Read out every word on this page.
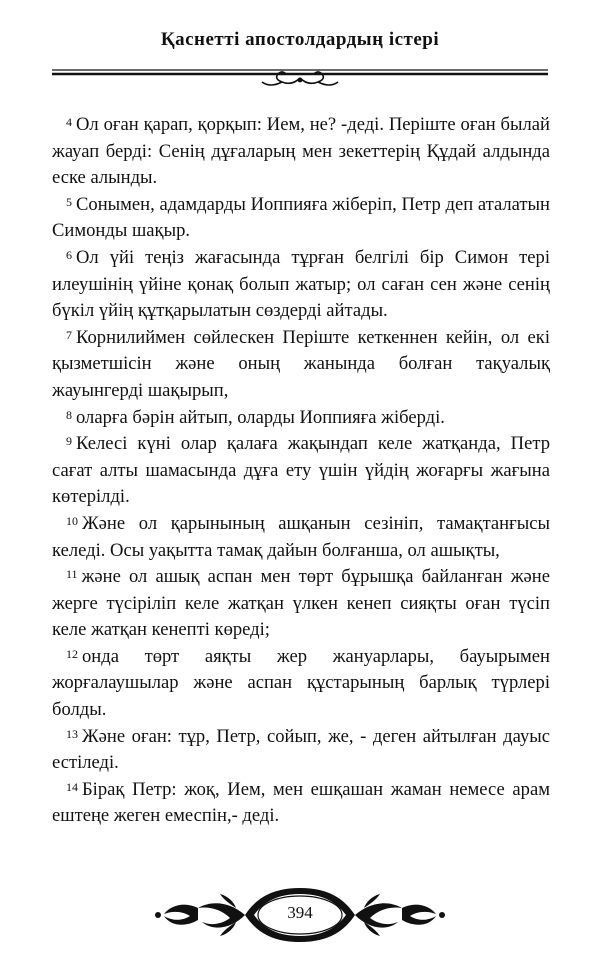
Қаснетті апостолдардың істері

$^4$ Ол оған қарап, қорқып: Ием, не? -деді. Періште оған былай жауап берді: Сенің дұғаларың мен зекеттерің Құдай алдында еске алынды.

$^5$ Сонымен, адамдарды Иоппияға жіберіп, Петр деп аталатын Симонды шақыр.

$^6$ Ол үйі теңіз жағасында тұрған белгілі бір Симон тері илеушінің үйіне қонақ болып жатыр; ол саған сен және сенің бүкіл үйің құтқарылатын сөздерді айтады.

$^7$ Корнилиймен сөйлескен Періште кеткеннен кейін, ол екі қызметшісін және оның жанында болған тақуалық жауынгерді шақырып,

$^8$ оларға бәрін айтып, оларды Иоппияға жіберді.

$^9$ Келесі күні олар қалаға жақындап келе жатқанда, Петр сағат алты шамасында дұға ету үшін үйдің жоғарғы жағына көтерілді.

$^{10}$ Және ол қарынының ашқанын сезініп, тамақтанғысы келеді. Осы уақытта тамақ дайын болғанша, ол ашықты,

$^{11}$ және ол ашық аспан мен төрт бұрышқа байланған және жерге түсіріліп келе жатқан үлкен кенеп сияқты оған түсіп келе жатқан кенепті көреді;

$^{12}$ онда төрт аяқты жер жануарлары, бауырымен жорғалаушылар және аспан құстарының барлық түрлері болды.

$^{13}$ Және оған: тұр, Петр, сойып, же, - деген айтылған дауыс естіледі.

$^{14}$ Бірақ Петр: жоқ, Ием, мен ешқашан жаман немесе арам ештеңе жеген емеспін,- деді.

394
